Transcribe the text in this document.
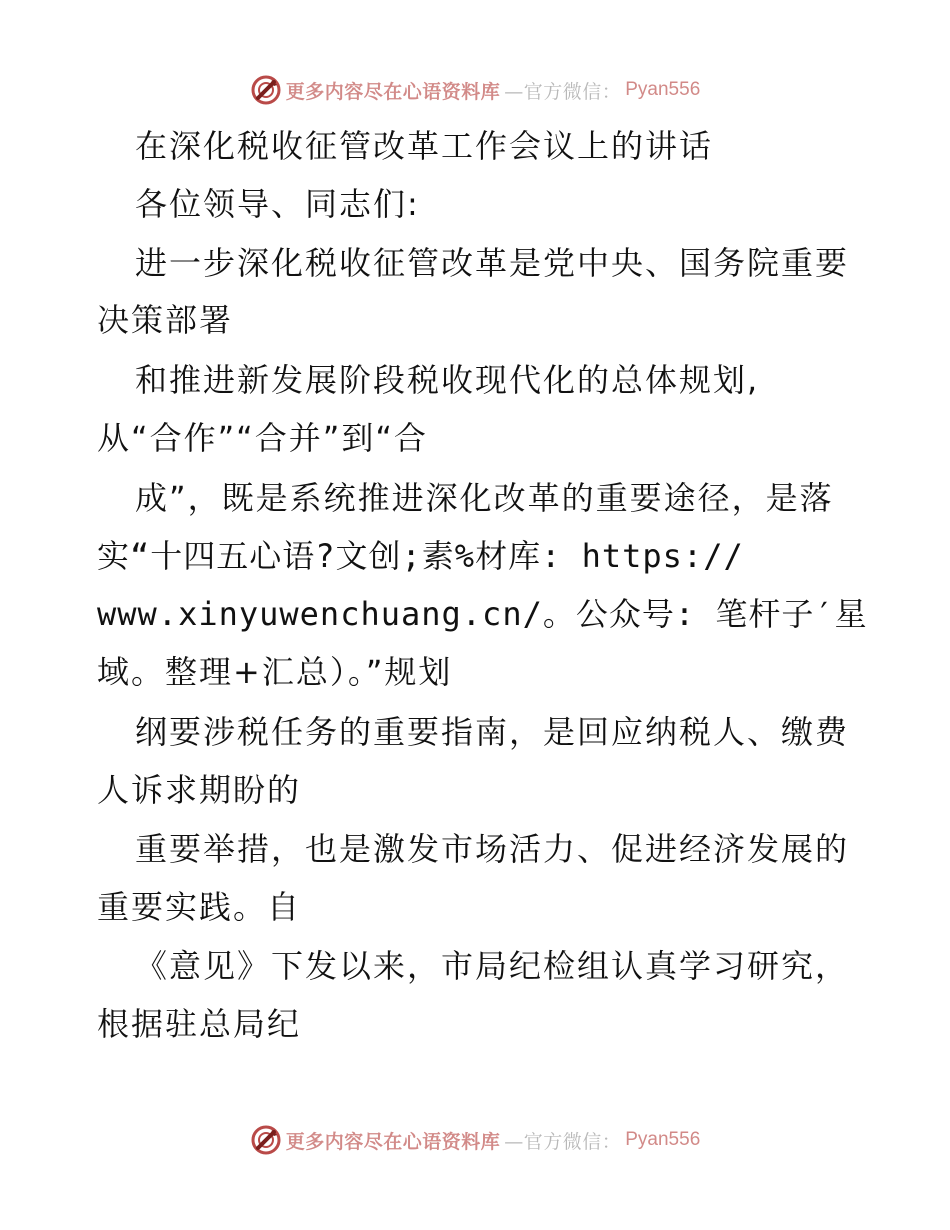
更多内容尽在心语资料库 —官方微信： Pyan556
在深化税收征管改革工作会议上的讲话
各位领导、同志们:
进一步深化税收征管改革是党中央、国务院重要
决策部署
和推进新发展阶段税收现代化的总体规划,
从“合作”“合并”到“合
成”，既是系统推进深化改革的重要途径，是落
实“十四五心语?文创;素%材库: https://
www.xinyuwenchuang.cn/。公众号: 笔杆子′星
域。整理+汇总）。”规划
纲要涉税任务的重要指南，是回应纳税人、缴费
人诉求期盼的
重要举措，也是激发市场活力、促进经济发展的
重要实践。自
《意见》下发以来，市局纪检组认真学习研究，
根据驻总局纪
更多内容尽在心语资料库 —官方微信： Pyan556
